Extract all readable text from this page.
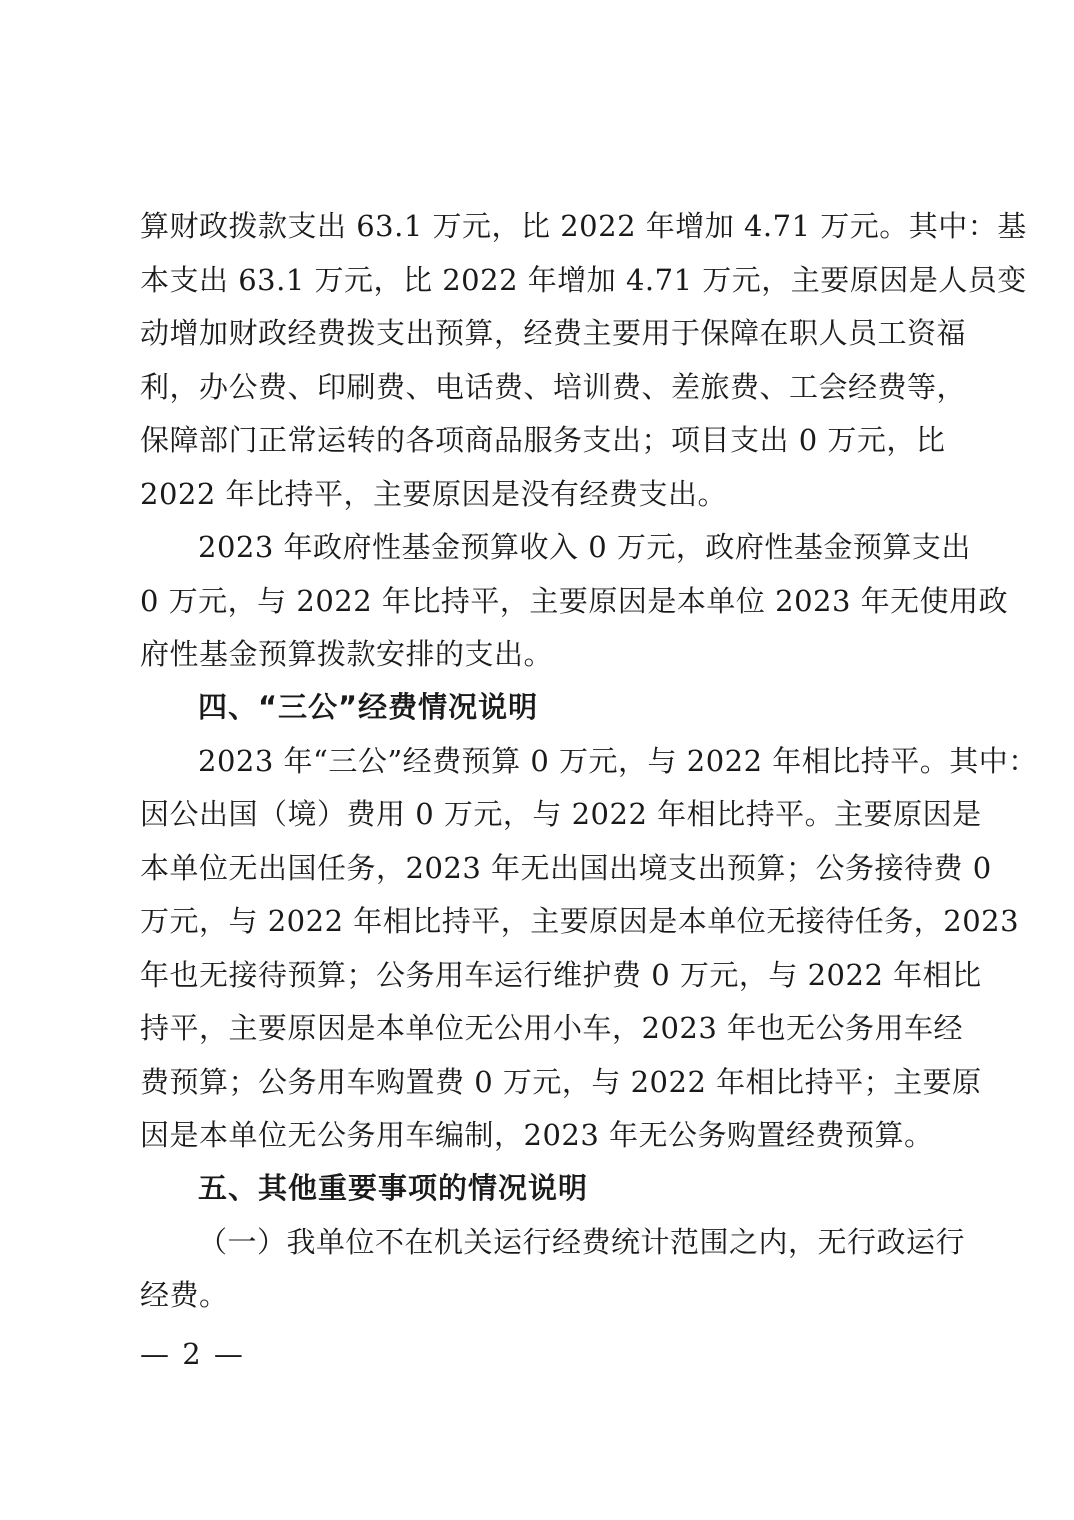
算财政拨款支出 63.1 万元，比 2022 年增加 4.71 万元。其中：基
本支出 63.1 万元，比 2022 年增加 4.71 万元，主要原因是人员变
动增加财政经费拨支出预算，经费主要用于保障在职人员工资福
利，办公费、印刷费、电话费、培训费、差旅费、工会经费等，
保障部门正常运转的各项商品服务支出；项目支出 0 万元，比
2022 年比持平，主要原因是没有经费支出。
2023 年政府性基金预算收入 0 万元，政府性基金预算支出
0 万元，与 2022 年比持平，主要原因是本单位 2023 年无使用政
府性基金预算拨款安排的支出。
四、“三公”经费情况说明
2023 年“三公”经费预算 0 万元，与 2022 年相比持平。其中：
因公出国（境）费用 0 万元，与 2022 年相比持平。主要原因是
本单位无出国任务，2023 年无出国出境支出预算；公务接待费 0
万元，与 2022 年相比持平，主要原因是本单位无接待任务，2023
年也无接待预算；公务用车运行维护费 0 万元，与 2022 年相比
持平，主要原因是本单位无公用小车，2023 年也无公务用车经
费预算；公务用车购置费 0 万元，与 2022 年相比持平；主要原
因是本单位无公务用车编制，2023 年无公务购置经费预算。
五、其他重要事项的情况说明
（一）我单位不在机关运行经费统计范围之内，无行政运行
经费。
— 2 —
